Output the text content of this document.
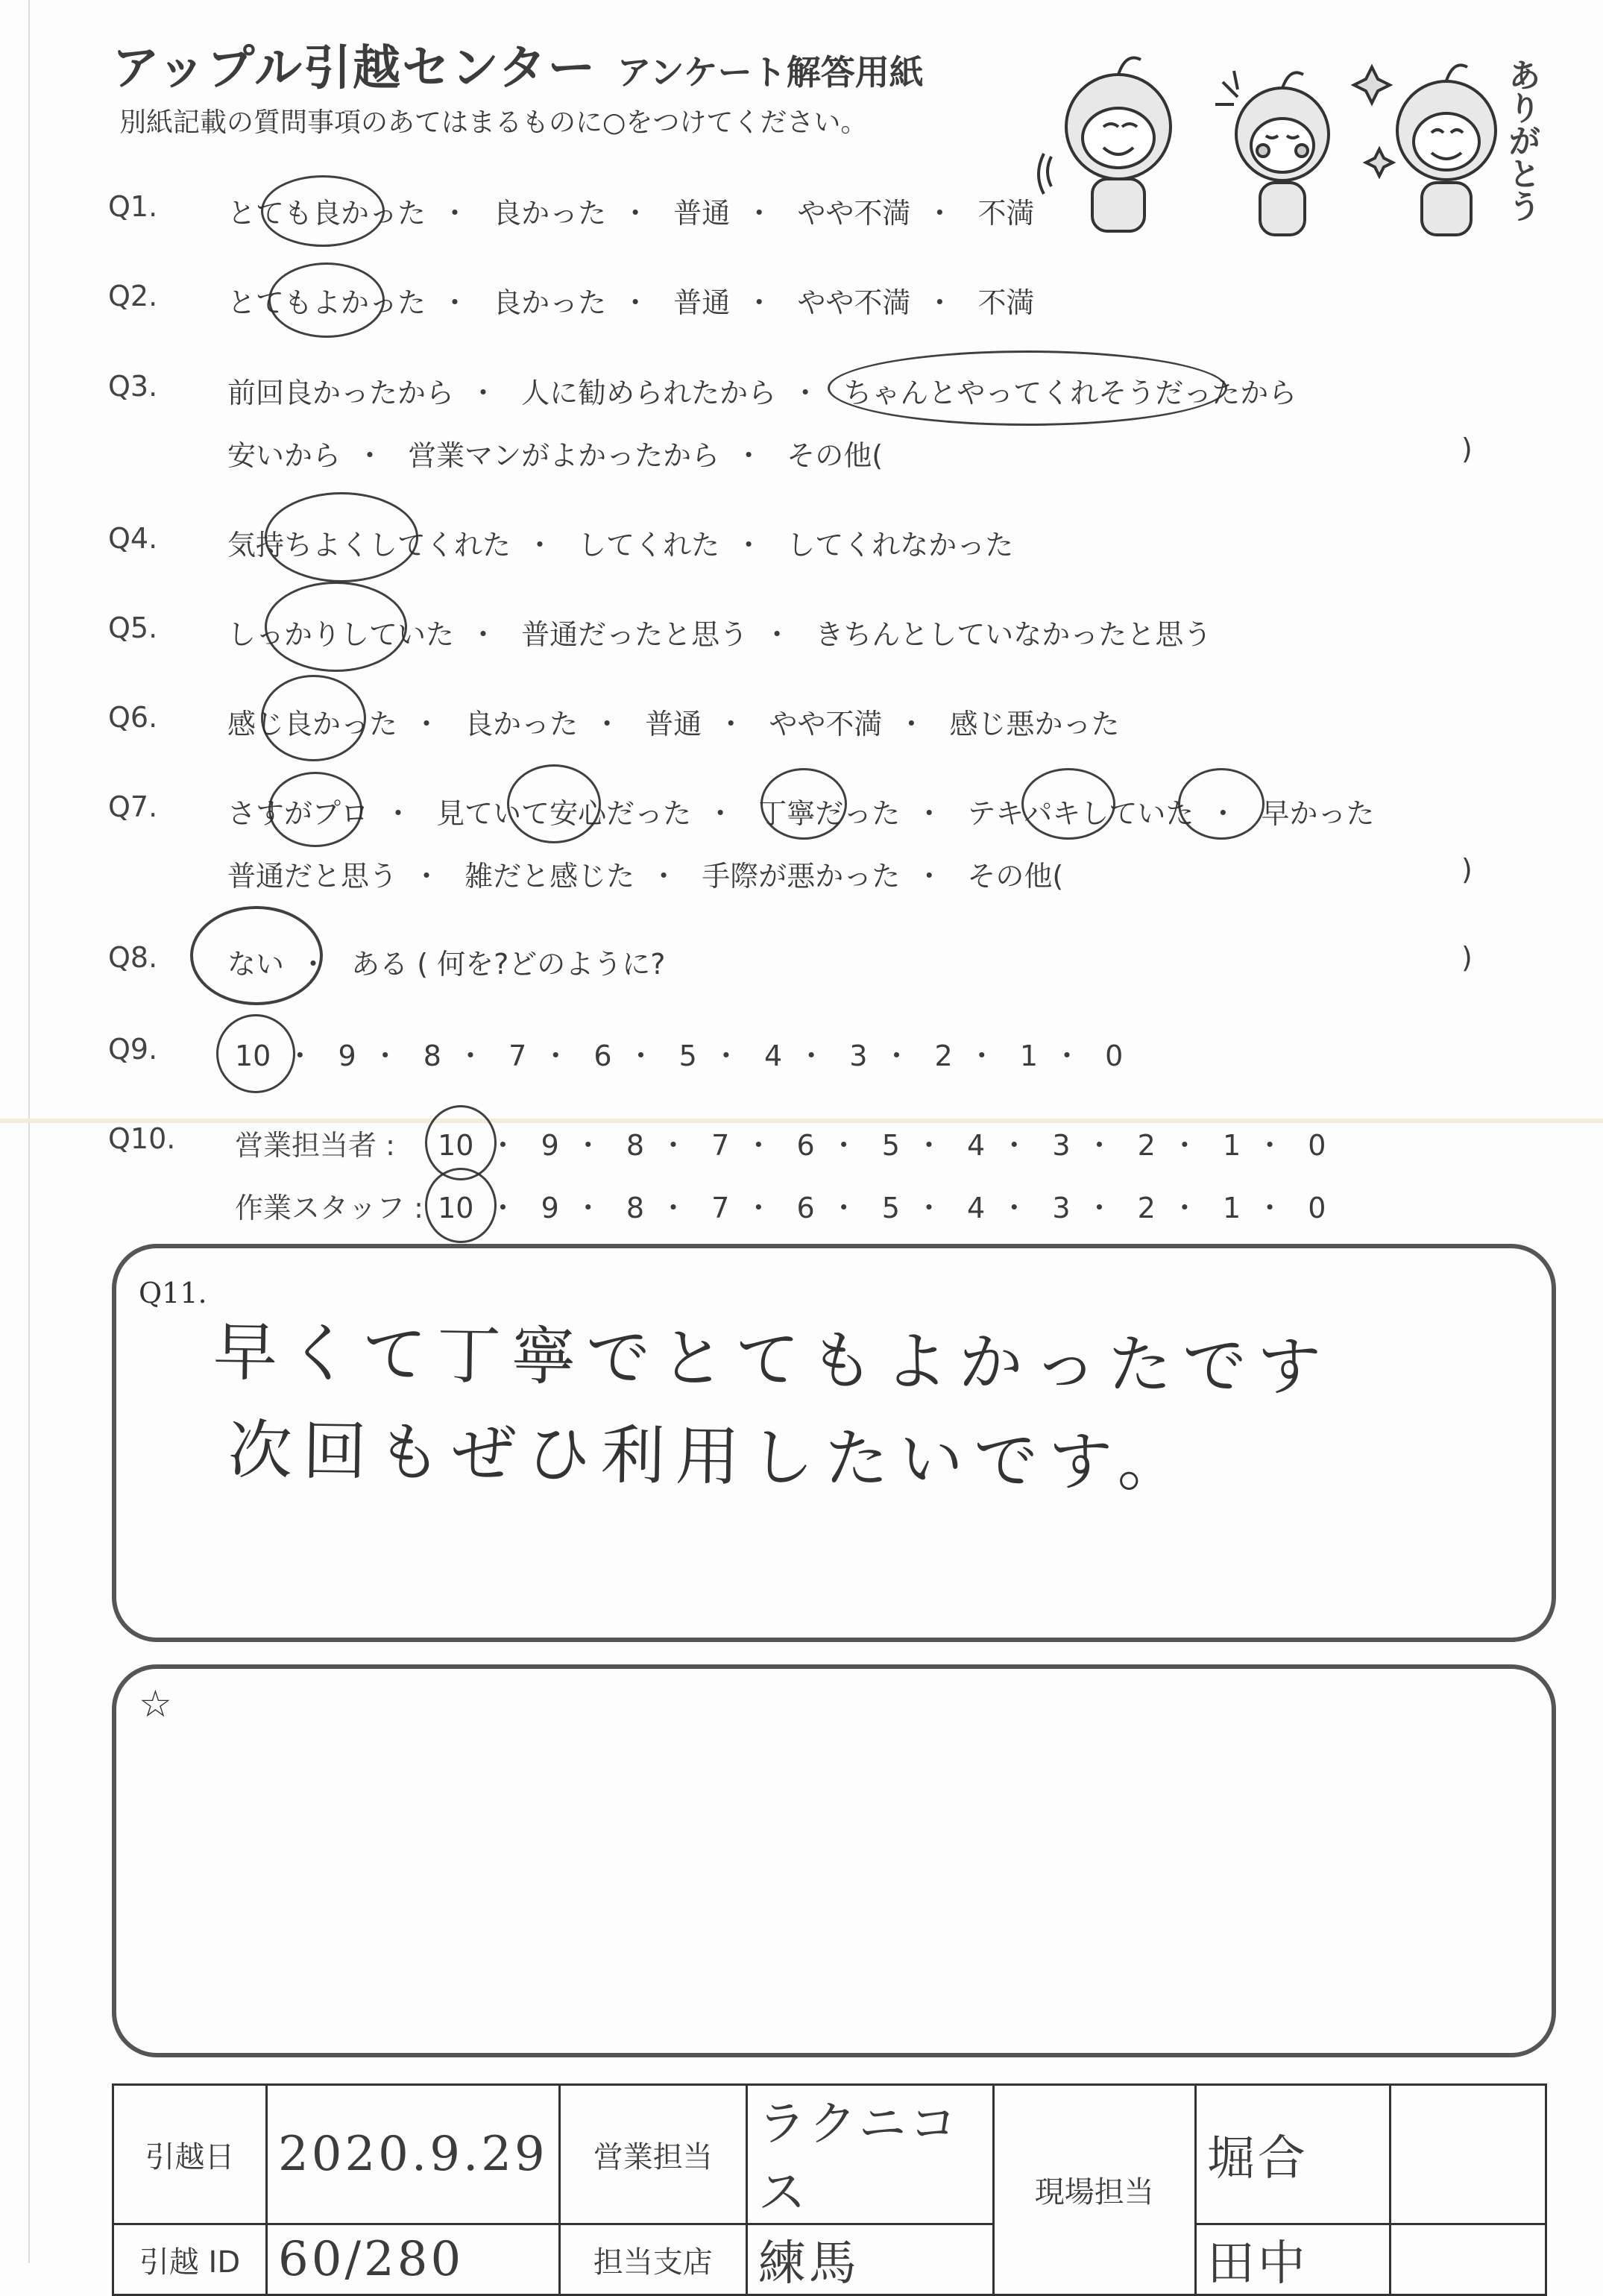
アップル引越センター アンケート解答用紙
別紙記載の質問事項のあてはまるものに○をつけてください。	ありがとう
Q1.	とても良かった ・ 良かった ・ 普通 ・ やや不満 ・ 不満
Q2.	とてもよかった ・ 良かった ・ 普通 ・ やや不満 ・ 不満
Q3.	前回良かったから ・ 人に勧められたから ・ ちゃんとやってくれそうだったから
安いから ・ 営業マンがよかったから ・ その他(	)
Q4.	気持ちよくしてくれた ・ してくれた ・ してくれなかった
Q5.	しっかりしていた ・ 普通だったと思う ・ きちんとしていなかったと思う
Q6.	感じ良かった ・ 良かった ・ 普通 ・ やや不満 ・ 感じ悪かった
Q7.	さすがプロ ・ 見ていて安心だった ・ 丁寧だった ・ テキパキしていた ・ 早かった
普通だと思う ・ 雑だと感じた ・ 手際が悪かった ・ その他(	)
Q8.	ない ・ ある ( 何を?どのように?	)
Q9.	10 ・ 9 ・ 8 ・ 7 ・ 6 ・ 5 ・ 4 ・ 3 ・ 2 ・ 1 ・ 0
Q10.	営業担当者 : 10 ・ 9 ・ 8 ・ 7 ・ 6 ・ 5 ・ 4 ・ 3 ・ 2 ・ 1 ・ 0
作業スタッフ : 10 ・ 9 ・ 8 ・ 7 ・ 6 ・ 5 ・ 4 ・ 3 ・ 2 ・ 1 ・ 0
Q11.
早くて丁寧でとてもよかったです
次回もぜひ利用したいです。
☆
引越日	2020.9.29	営業担当	ラクニコス	現場担当	堀合	
引越 ID	60/280	担当支店	練馬		田中	
